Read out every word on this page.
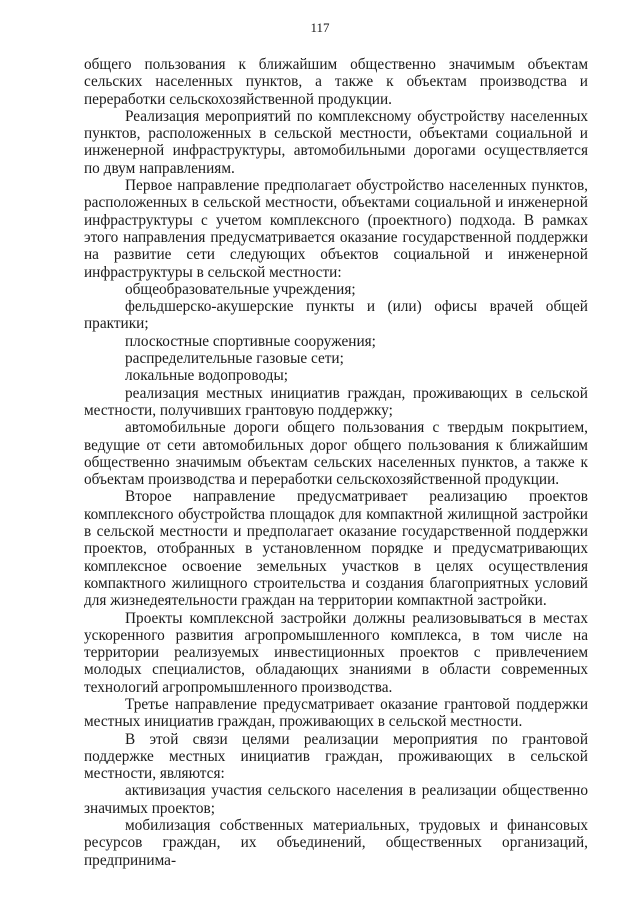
117

общего пользования к ближайшим общественно значимым объектам сельских населенных пунктов, а также к объектам производства и переработки сельскохозяйственной продукции.

Реализация мероприятий по комплексному обустройству населенных пунктов, расположенных в сельской местности, объектами социальной и инженерной инфраструктуры, автомобильными дорогами осуществляется по двум направлениям.

Первое направление предполагает обустройство населенных пунктов, расположенных в сельской местности, объектами социальной и инженерной инфраструктуры с учетом комплексного (проектного) подхода. В рамках этого направления предусматривается оказание государственной поддержки на развитие сети следующих объектов социальной и инженерной инфраструктуры в сельской местности:

общеобразовательные учреждения;

фельдшерско-акушерские пункты и (или) офисы врачей общей практики;

плоскостные спортивные сооружения;

распределительные газовые сети;

локальные водопроводы;

реализация местных инициатив граждан, проживающих в сельской местности, получивших грантовую поддержку;

автомобильные дороги общего пользования с твердым покрытием, ведущие от сети автомобильных дорог общего пользования к ближайшим общественно значимым объектам сельских населенных пунктов, а также к объектам производства и переработки сельскохозяйственной продукции.

Второе направление предусматривает реализацию проектов комплексного обустройства площадок для компактной жилищной застройки в сельской местности и предполагает оказание государственной поддержки проектов, отобранных в установленном порядке и предусматривающих комплексное освоение земельных участков в целях осуществления компактного жилищного строительства и создания благоприятных условий для жизнедеятельности граждан на территории компактной застройки.

Проекты комплексной застройки должны реализовываться в местах ускоренного развития агропромышленного комплекса, в том числе на территории реализуемых инвестиционных проектов с привлечением молодых специалистов, обладающих знаниями в области современных технологий агропромышленного производства.

Третье направление предусматривает оказание грантовой поддержки местных инициатив граждан, проживающих в сельской местности.

В этой связи целями реализации мероприятия по грантовой поддержке местных инициатив граждан, проживающих в сельской местности, являются:

активизация участия сельского населения в реализации общественно значимых проектов;

мобилизация собственных материальных, трудовых и финансовых ресурсов граждан, их объединений, общественных организаций, предпринима-
